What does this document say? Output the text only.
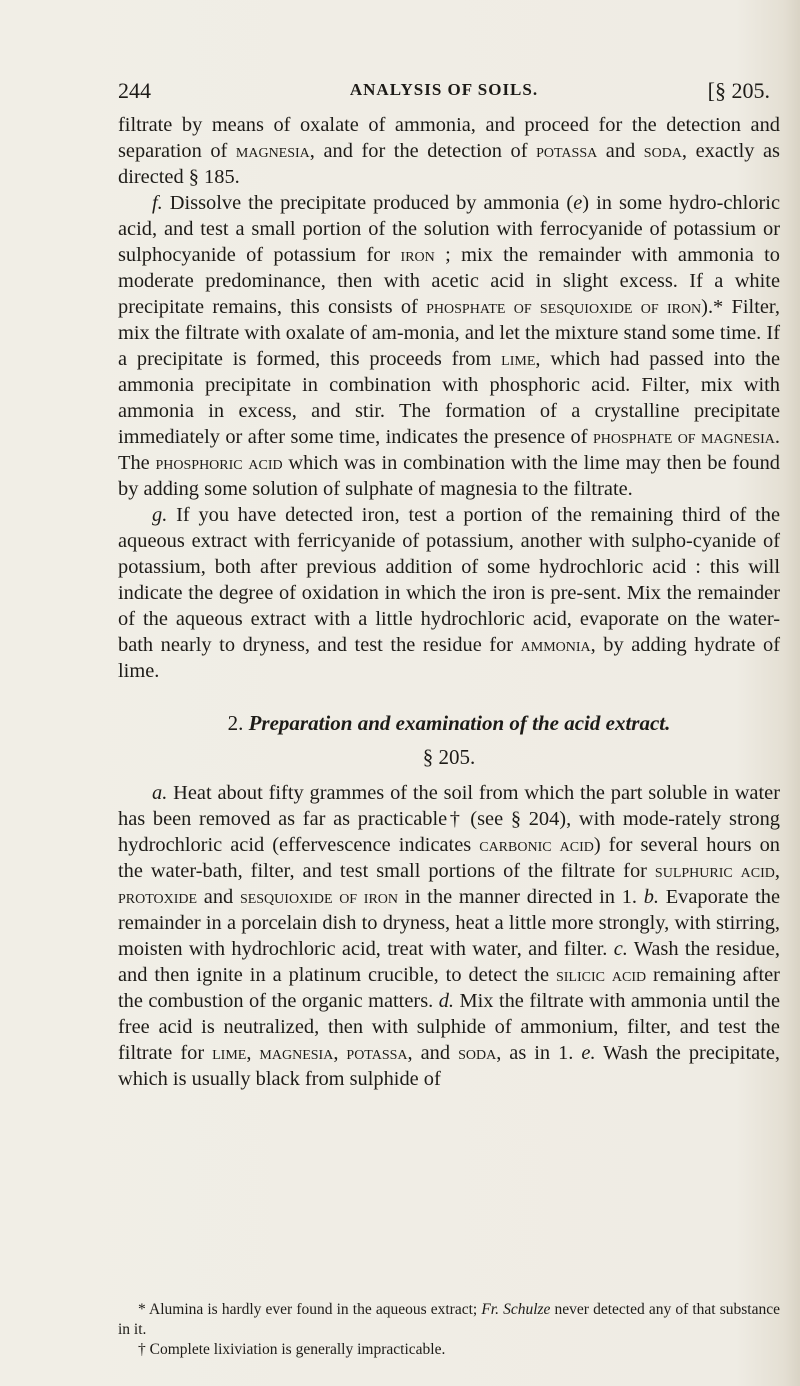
244	ANALYSIS OF SOILS.	[§ 205.

filtrate by means of oxalate of ammonia, and proceed for the detection and separation of magnesia, and for the detection of potassa and soda, exactly as directed § 185.

f. Dissolve the precipitate produced by ammonia (e) in some hydro-chloric acid, and test a small portion of the solution with ferrocyanide of potassium or sulphocyanide of potassium for iron ; mix the remainder with ammonia to moderate predominance, then with acetic acid in slight excess. If a white precipitate remains, this consists of phosphate of sesquioxide of iron).* Filter, mix the filtrate with oxalate of am-monia, and let the mixture stand some time. If a precipitate is formed, this proceeds from lime, which had passed into the ammonia precipitate in combination with phosphoric acid. Filter, mix with ammonia in excess, and stir. The formation of a crystalline precipitate immediately or after some time, indicates the presence of phosphate of magnesia. The phosphoric acid which was in combination with the lime may then be found by adding some solution of sulphate of magnesia to the filtrate.

g. If you have detected iron, test a portion of the remaining third of the aqueous extract with ferricyanide of potassium, another with sulpho-cyanide of potassium, both after previous addition of some hydrochloric acid : this will indicate the degree of oxidation in which the iron is pre-sent. Mix the remainder of the aqueous extract with a little hydrochloric acid, evaporate on the water-bath nearly to dryness, and test the residue for ammonia, by adding hydrate of lime.

2. Preparation and examination of the acid extract.
§ 205.

a. Heat about fifty grammes of the soil from which the part soluble in water has been removed as far as practicable† (see § 204), with mode-rately strong hydrochloric acid (effervescence indicates carbonic acid) for several hours on the water-bath, filter, and test small portions of the filtrate for sulphuric acid, protoxide and sesquioxide of iron in the manner directed in 1. b. Evaporate the remainder in a porcelain dish to dryness, heat a little more strongly, with stirring, moisten with hydrochloric acid, treat with water, and filter. c. Wash the residue, and then ignite in a platinum crucible, to detect the silicic acid remaining after the combustion of the organic matters. d. Mix the filtrate with ammonia until the free acid is neutralized, then with sulphide of ammonium, filter, and test the filtrate for lime, magnesia, potassa, and soda, as in 1. e. Wash the precipitate, which is usually black from sulphide of

* Alumina is hardly ever found in the aqueous extract; Fr. Schulze never detected any of that substance in it.

† Complete lixiviation is generally impracticable.
